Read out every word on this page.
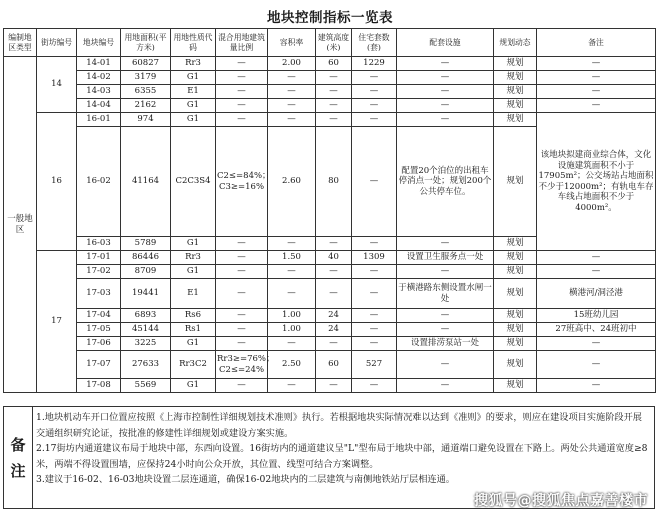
地块控制指标一览表
编制地区类型	街坊编号	地块编号	用地面积(平方米)	用地性质代码	混合用地建筑量比例	容积率	建筑高度(米)	住宅套数(套)	配套设施	规划动态	备注
一般地区	14	14-01	60827	Rr3	—	2.00	60	1229	—	规划	—
		14-02	3179	G1	—	—	—	—	—	规划	—
		14-03	6355	E1	—	—	—	—	—	规划	—
		14-04	2162	G1	—	—	—	—	—	规划	—
	16	16-01	974	G1	—	—	—	—	—	规划	该地块拟建商业综合体，文化设施建筑面积不小于17905m²；公交场站占地面积不少于12000m²；有轨电车存车线占地面积不少于4000m²。
		16-02	41164	C2C3S4	C2≤=84%；C3≥=16%	2.60	80	—	配置20个泊位的出租车停消点一处；规划200个公共停车位。	规划	
		16-03	5789	G1	—	—	—	—	—	规划	
	17	17-01	86446	Rr3	—	1.50	40	1309	设置卫生服务点一处	规划	—
		17-02	8709	G1	—	—	—	—	—	规划	—
		17-03	19441	E1	—	—	—	—	于横港路东侧设置水闸一处	规划	横港河/洞泾港
		17-04	6893	Rs6	—	1.00	24	—	—	规划	15班幼儿园
		17-05	45144	Rs1	—	1.00	24	—	—	规划	27班高中、24班初中
		17-06	3225	G1	—	—	—	—	设置排涝泵站一处	规划	—
		17-07	27633	Rr3C2	Rr3≥=76%；C2≤=24%	2.50	60	527	—	规划	—
		17-08	5569	G1	—	—	—	—	—	规划	—
备
注

1.地块机动车开口位置应按照《上海市控制性详细规划技术准则》执行。若根据地块实际情况难以达到《准则》的要求，则应在建设项目实施阶段开展交通组织研究论证，按批准的修建性详细规划或建设方案实施。

2.17街坊内通道建议布局于地块中部，东西向设置。16街坊内的通道建议呈"L"型布局于地块中部，通道端口避免设置在下路上。两处公共通道宽度≥8米，两端不得设置围墙，应保持24小时向公众开放，其位置、线型可结合方案调整。

3.建议于16-02、16-03地块设置二层连通道，确保16-02地块内的二层建筑与南侧地铁站厅层相连通。

搜狐号@搜狐焦点嘉善楼市
